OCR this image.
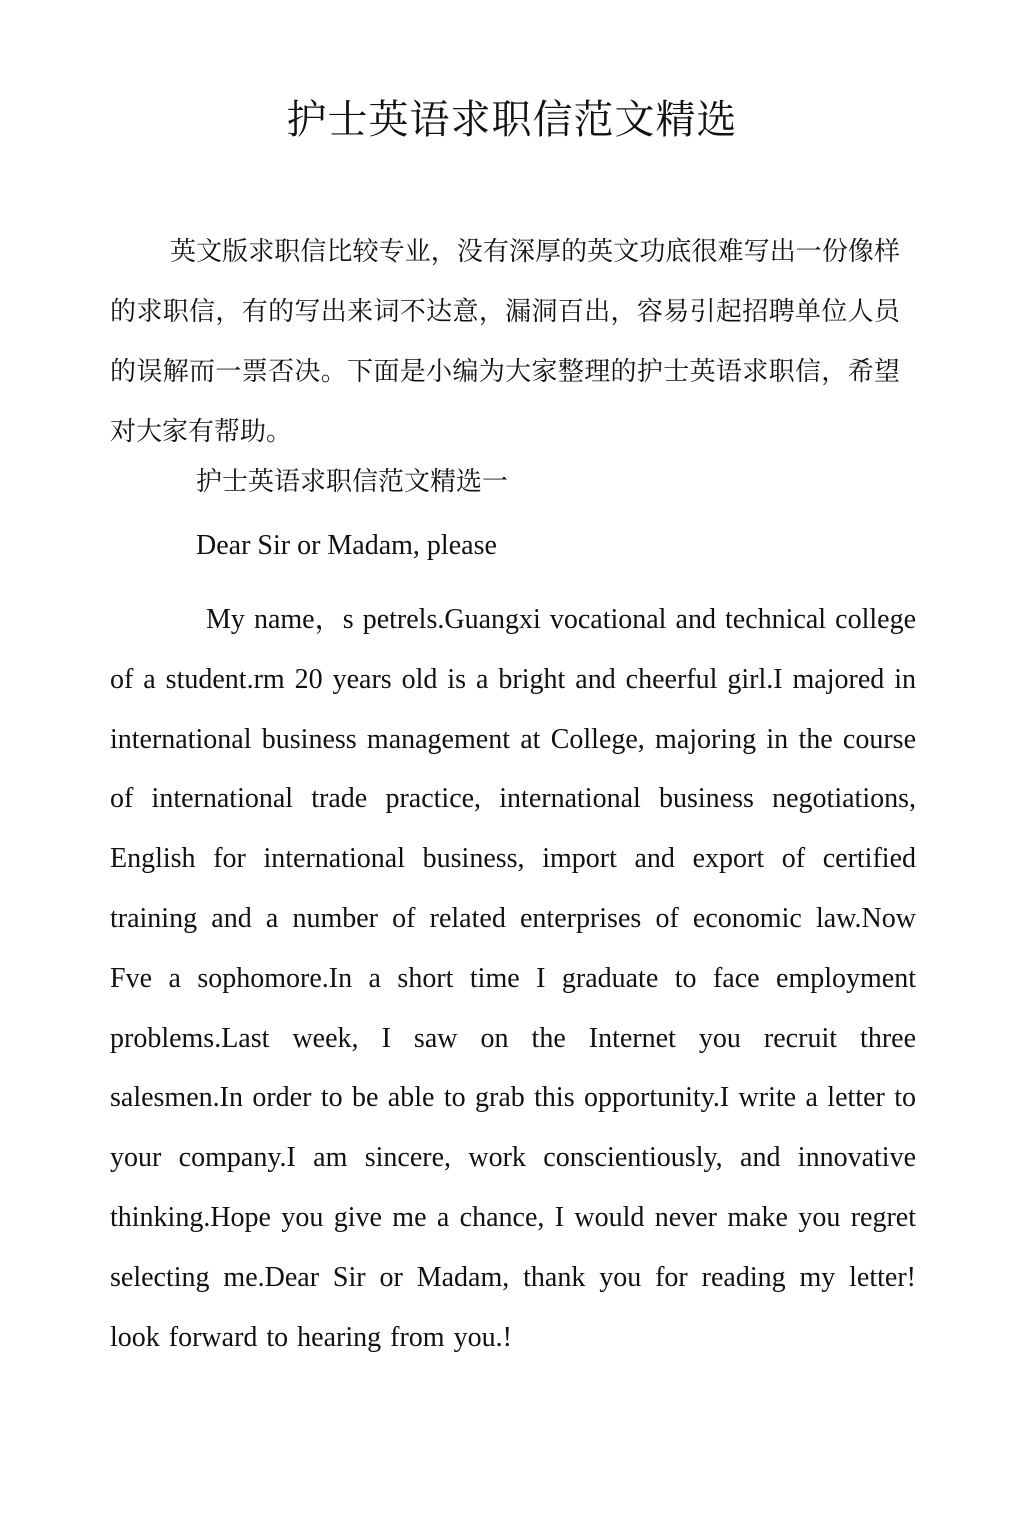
护士英语求职信范文精选

英文版求职信比较专业，没有深厚的英文功底很难写出一份像样的求职信，有的写出来词不达意，漏洞百出，容易引起招聘单位人员的误解而一票否决。下面是小编为大家整理的护士英语求职信，希望对大家有帮助。

护士英语求职信范文精选一

Dear Sir or Madam, please

My name，s petrels.Guangxi vocational and technical college of a student.rm 20 years old is a bright and cheerful girl.I majored in international business management at College, majoring in the course of international trade practice, international business negotiations, English for international business, import and export of certified training and a number of related enterprises of economic law.Now Fve a sophomore.In a short time I graduate to face employment problems.Last week, I saw on the Internet you recruit three salesmen.In order to be able to grab this opportunity.I write a letter to your company.I am sincere, work conscientiously, and innovative thinking.Hope you give me a chance, I would never make you regret selecting me.Dear Sir or Madam, thank you for reading my letter! look forward to hearing from you.!
